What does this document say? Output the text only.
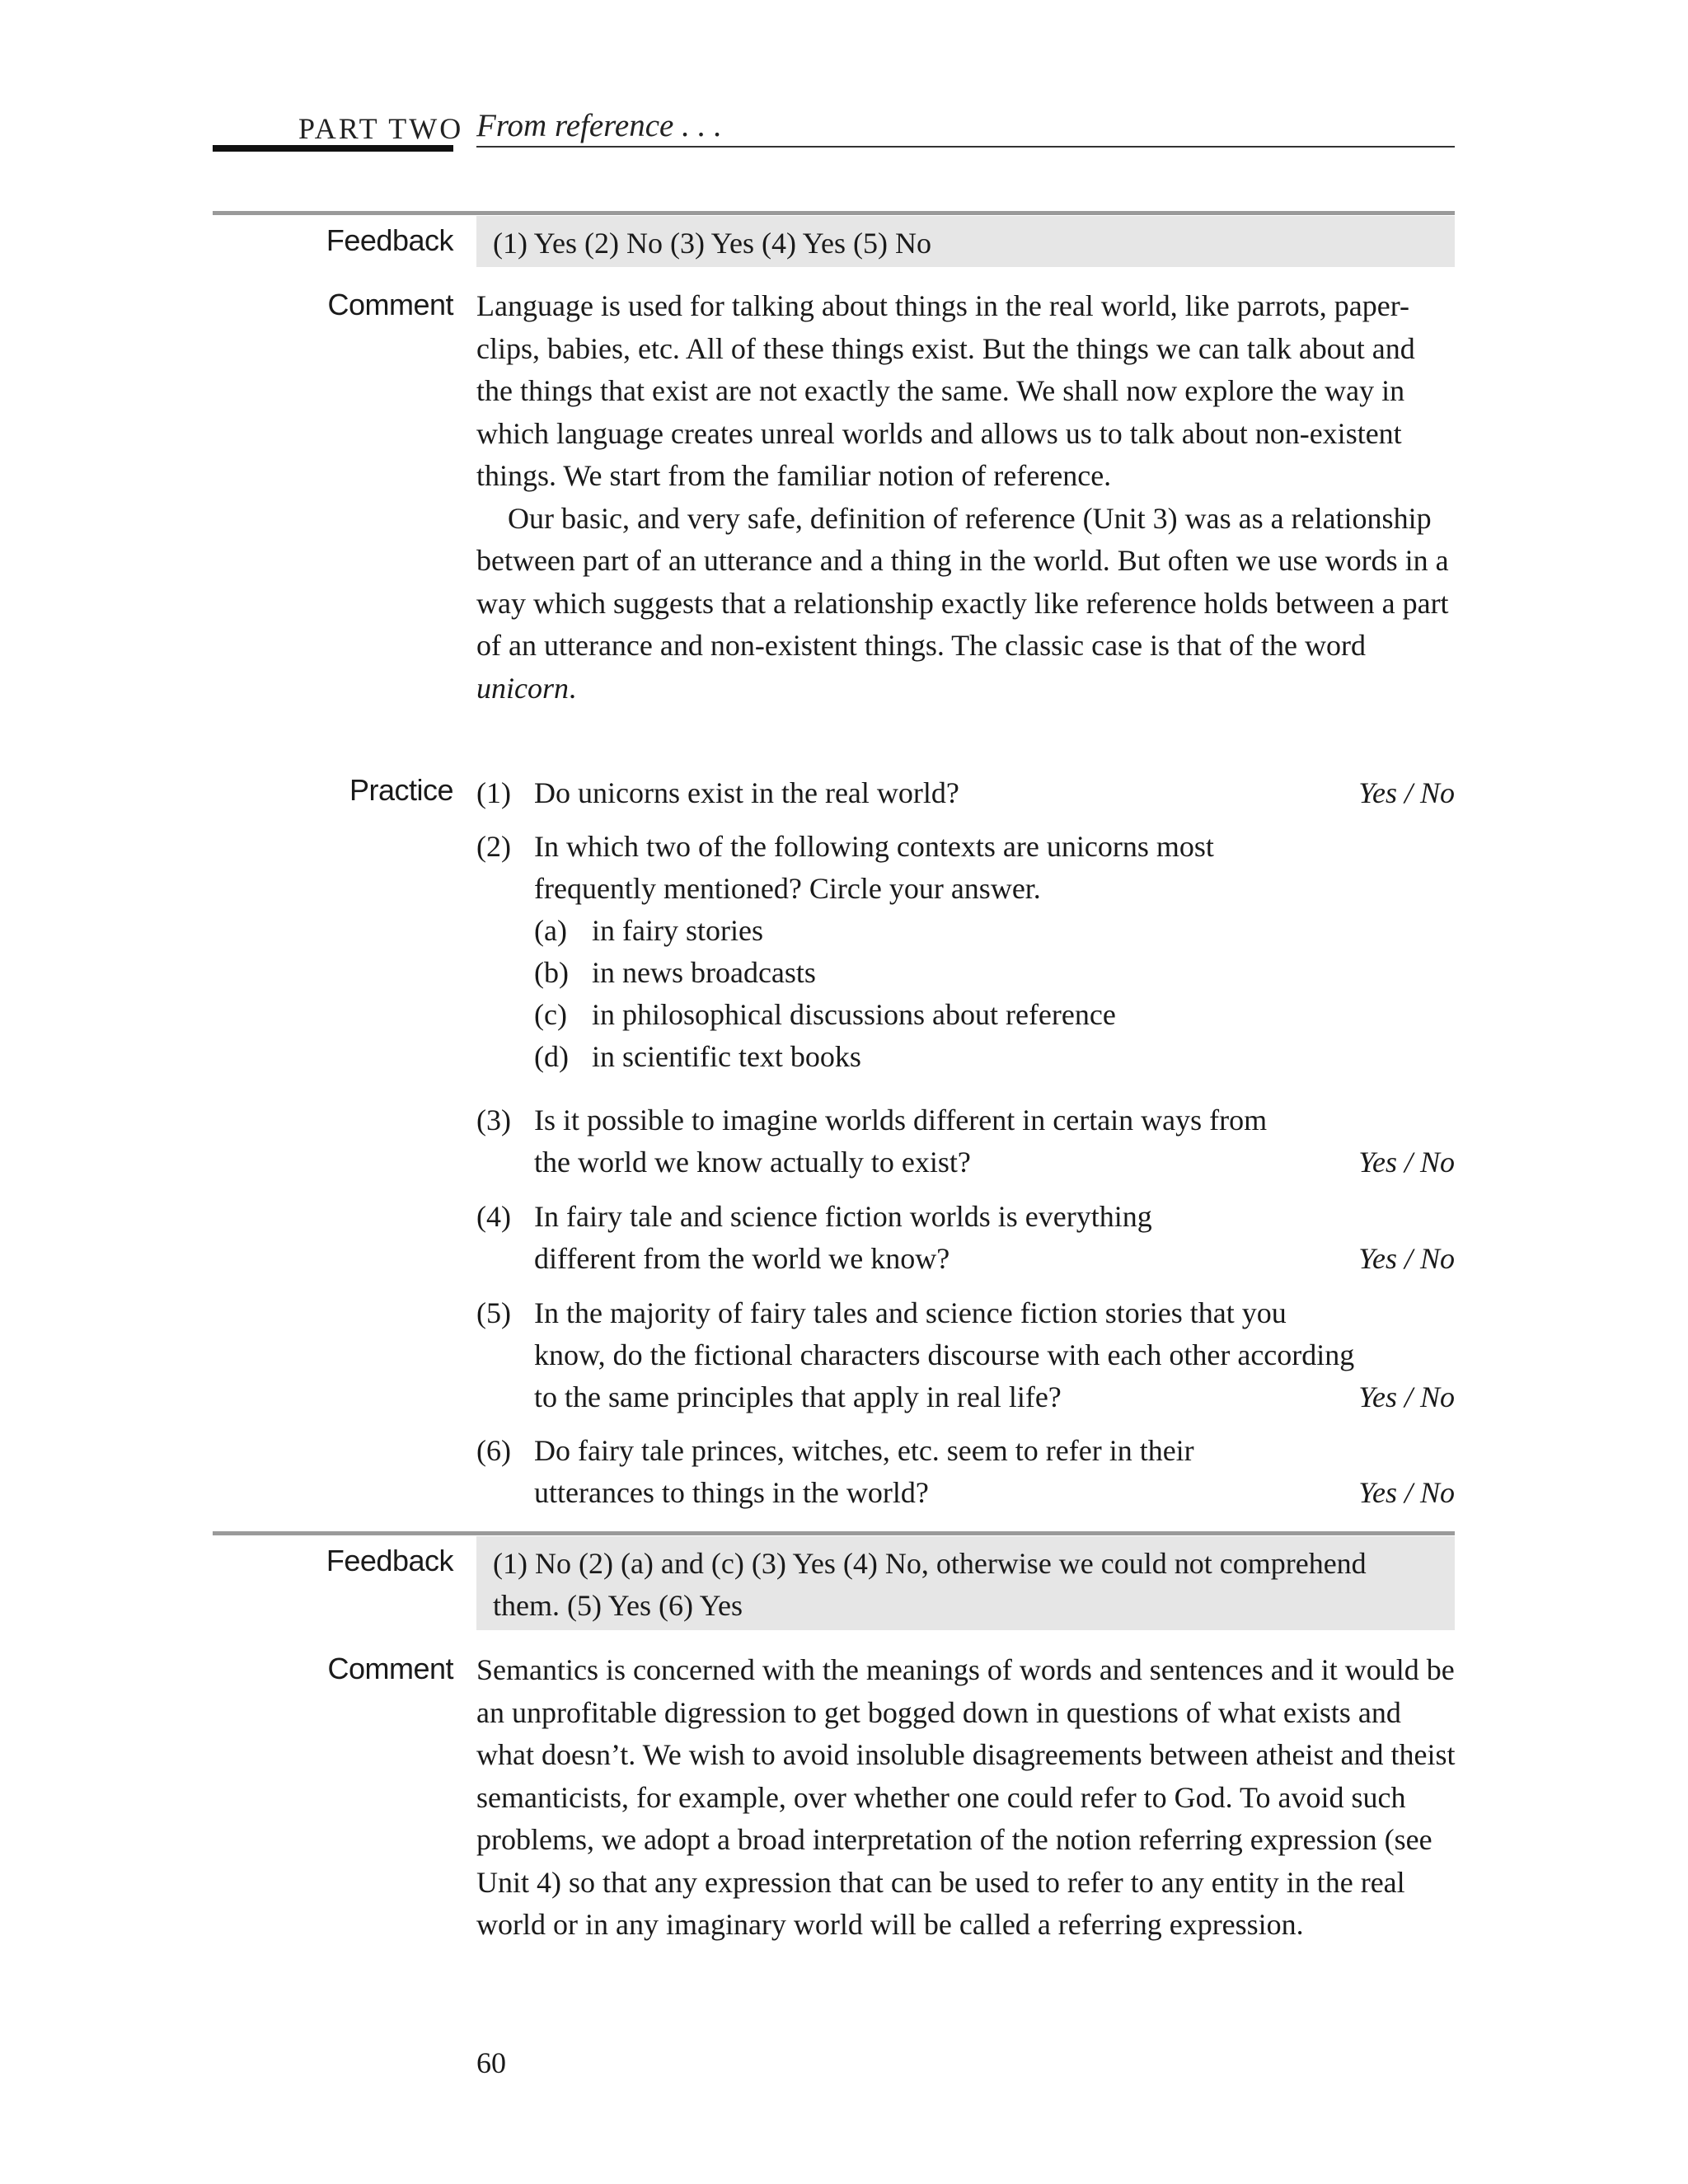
PART TWO From reference . . .
Feedback	(1) Yes (2) No (3) Yes (4) Yes (5) No
Comment Language is used for talking about things in the real world, like parrots, paper-clips, babies, etc. All of these things exist. But the things we can talk about and the things that exist are not exactly the same. We shall now explore the way in which language creates unreal worlds and allows us to talk about non-existent things. We start from the familiar notion of reference.

Our basic, and very safe, definition of reference (Unit 3) was as a relationship between part of an utterance and a thing in the world. But often we use words in a way which suggests that a relationship exactly like reference holds between a part of an utterance and non-existent things. The classic case is that of the word unicorn.

Practice (1) Do unicorns exist in the real world?	Yes / No
(2) In which two of the following contexts are unicorns most frequently mentioned? Circle your answer.
(a) in fairy stories
(b) in news broadcasts
(c) in philosophical discussions about reference
(d) in scientific text books
(3) Is it possible to imagine worlds different in certain ways from the world we know actually to exist?	Yes / No
(4) In fairy tale and science fiction worlds is everything different from the world we know?	Yes / No
(5) In the majority of fairy tales and science fiction stories that you know, do the fictional characters discourse with each other according to the same principles that apply in real life?	Yes / No
(6) Do fairy tale princes, witches, etc. seem to refer in their utterances to things in the world?	Yes / No
Feedback	(1) No (2) (a) and (c) (3) Yes (4) No, otherwise we could not comprehend them. (5) Yes (6) Yes
Comment Semantics is concerned with the meanings of words and sentences and it would be an unprofitable digression to get bogged down in questions of what exists and what doesn’t. We wish to avoid insoluble disagreements between atheist and theist semanticists, for example, over whether one could refer to God. To avoid such problems, we adopt a broad interpretation of the notion referring expression (see Unit 4) so that any expression that can be used to refer to any entity in the real world or in any imaginary world will be called a referring expression.

60
